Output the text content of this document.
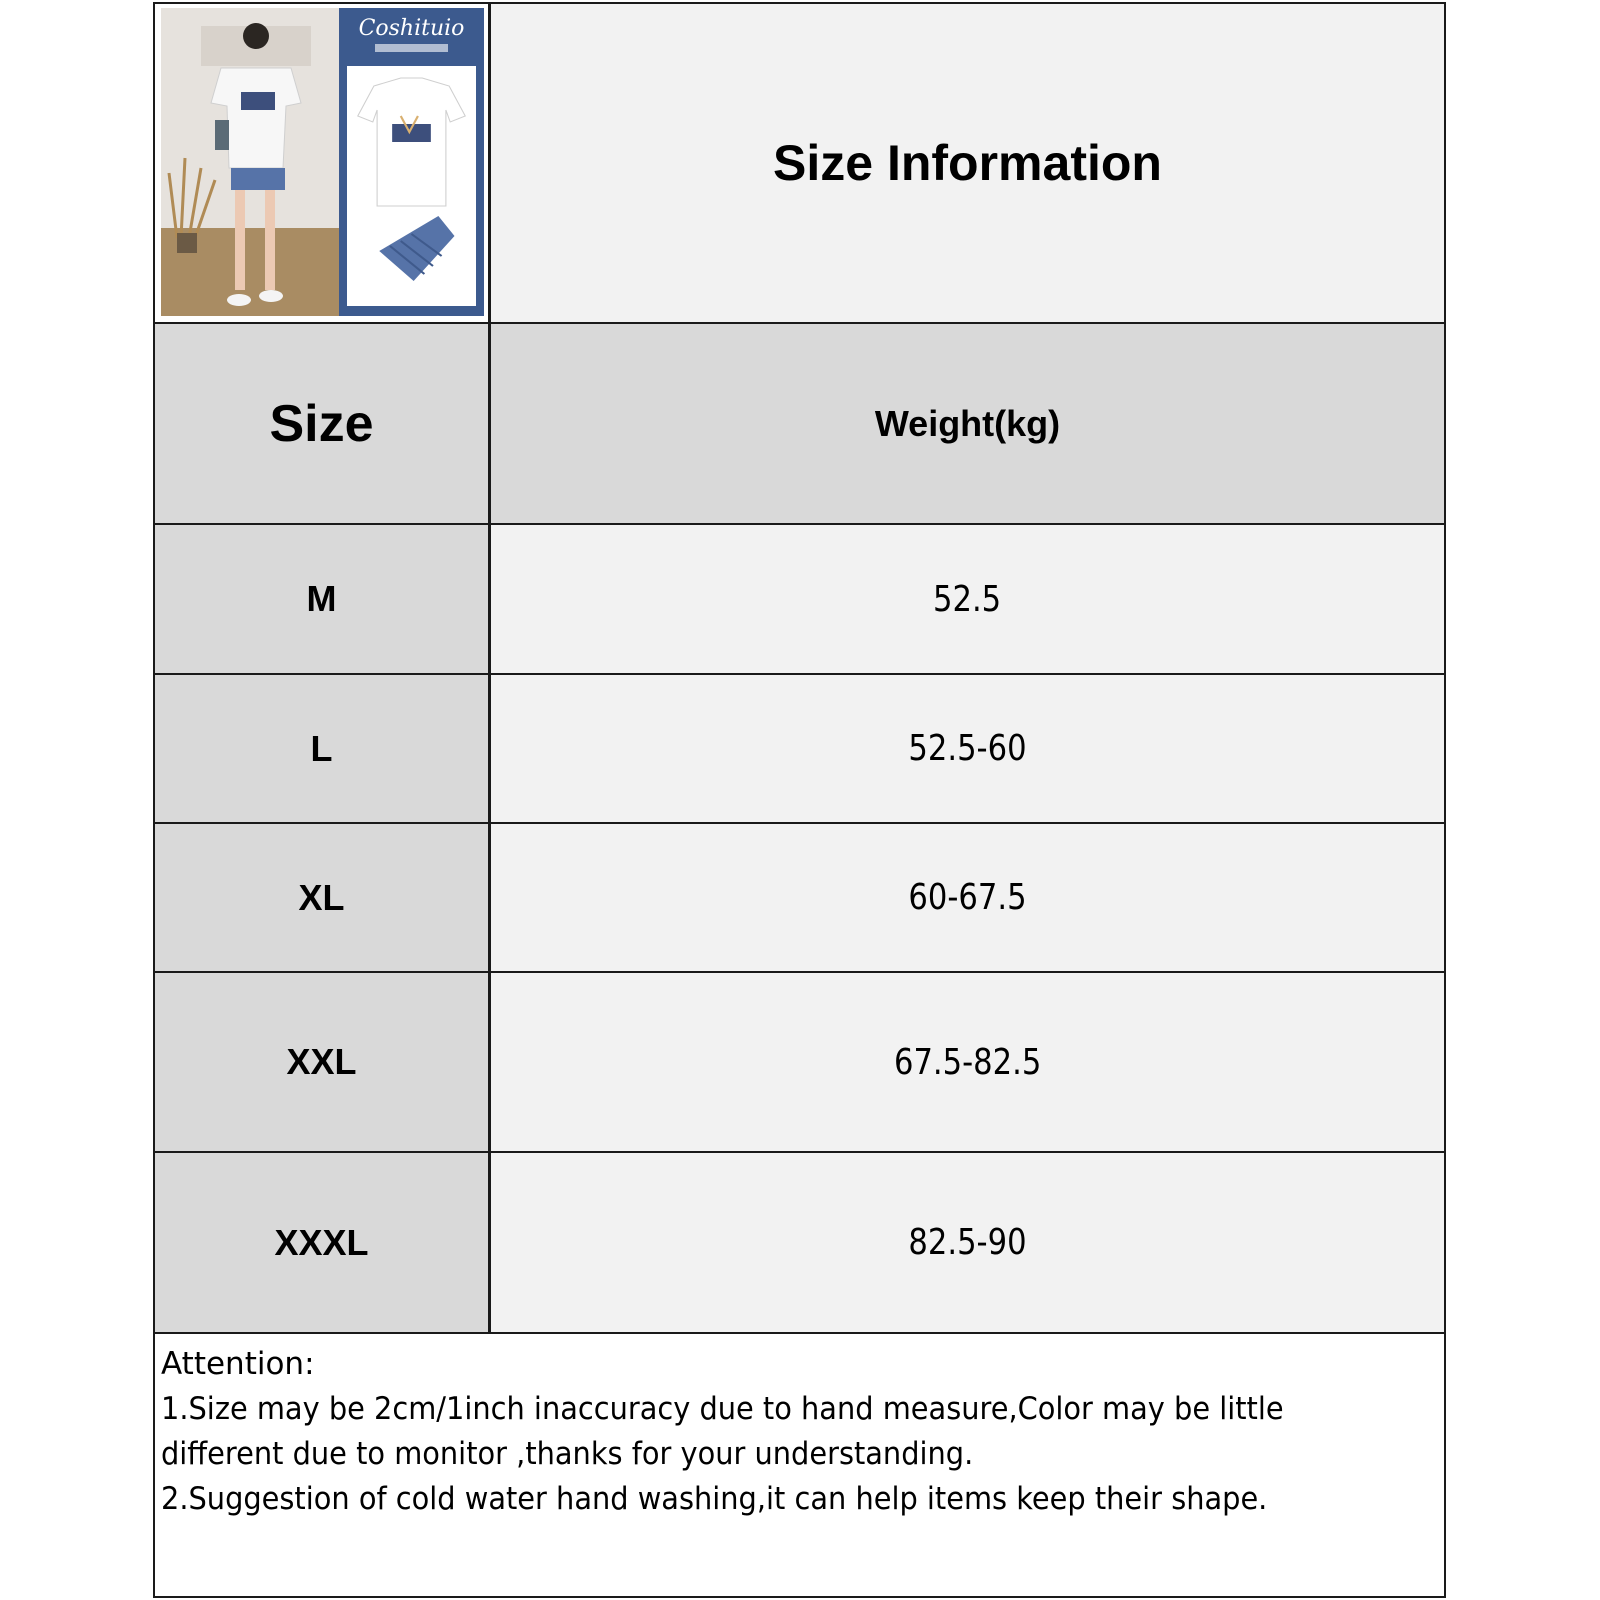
Coshituio
Size Information
Size	Weight(kg)
M	52.5
L	52.5-60
XL	60-67.5
XXL	67.5-82.5
XXXL	82.5-90
Attention:
1.Size may be 2cm/1inch inaccuracy due to hand measure,Color may be little
different due to monitor ,thanks for your understanding.
2.Suggestion of cold water hand washing,it can help items keep their shape.
